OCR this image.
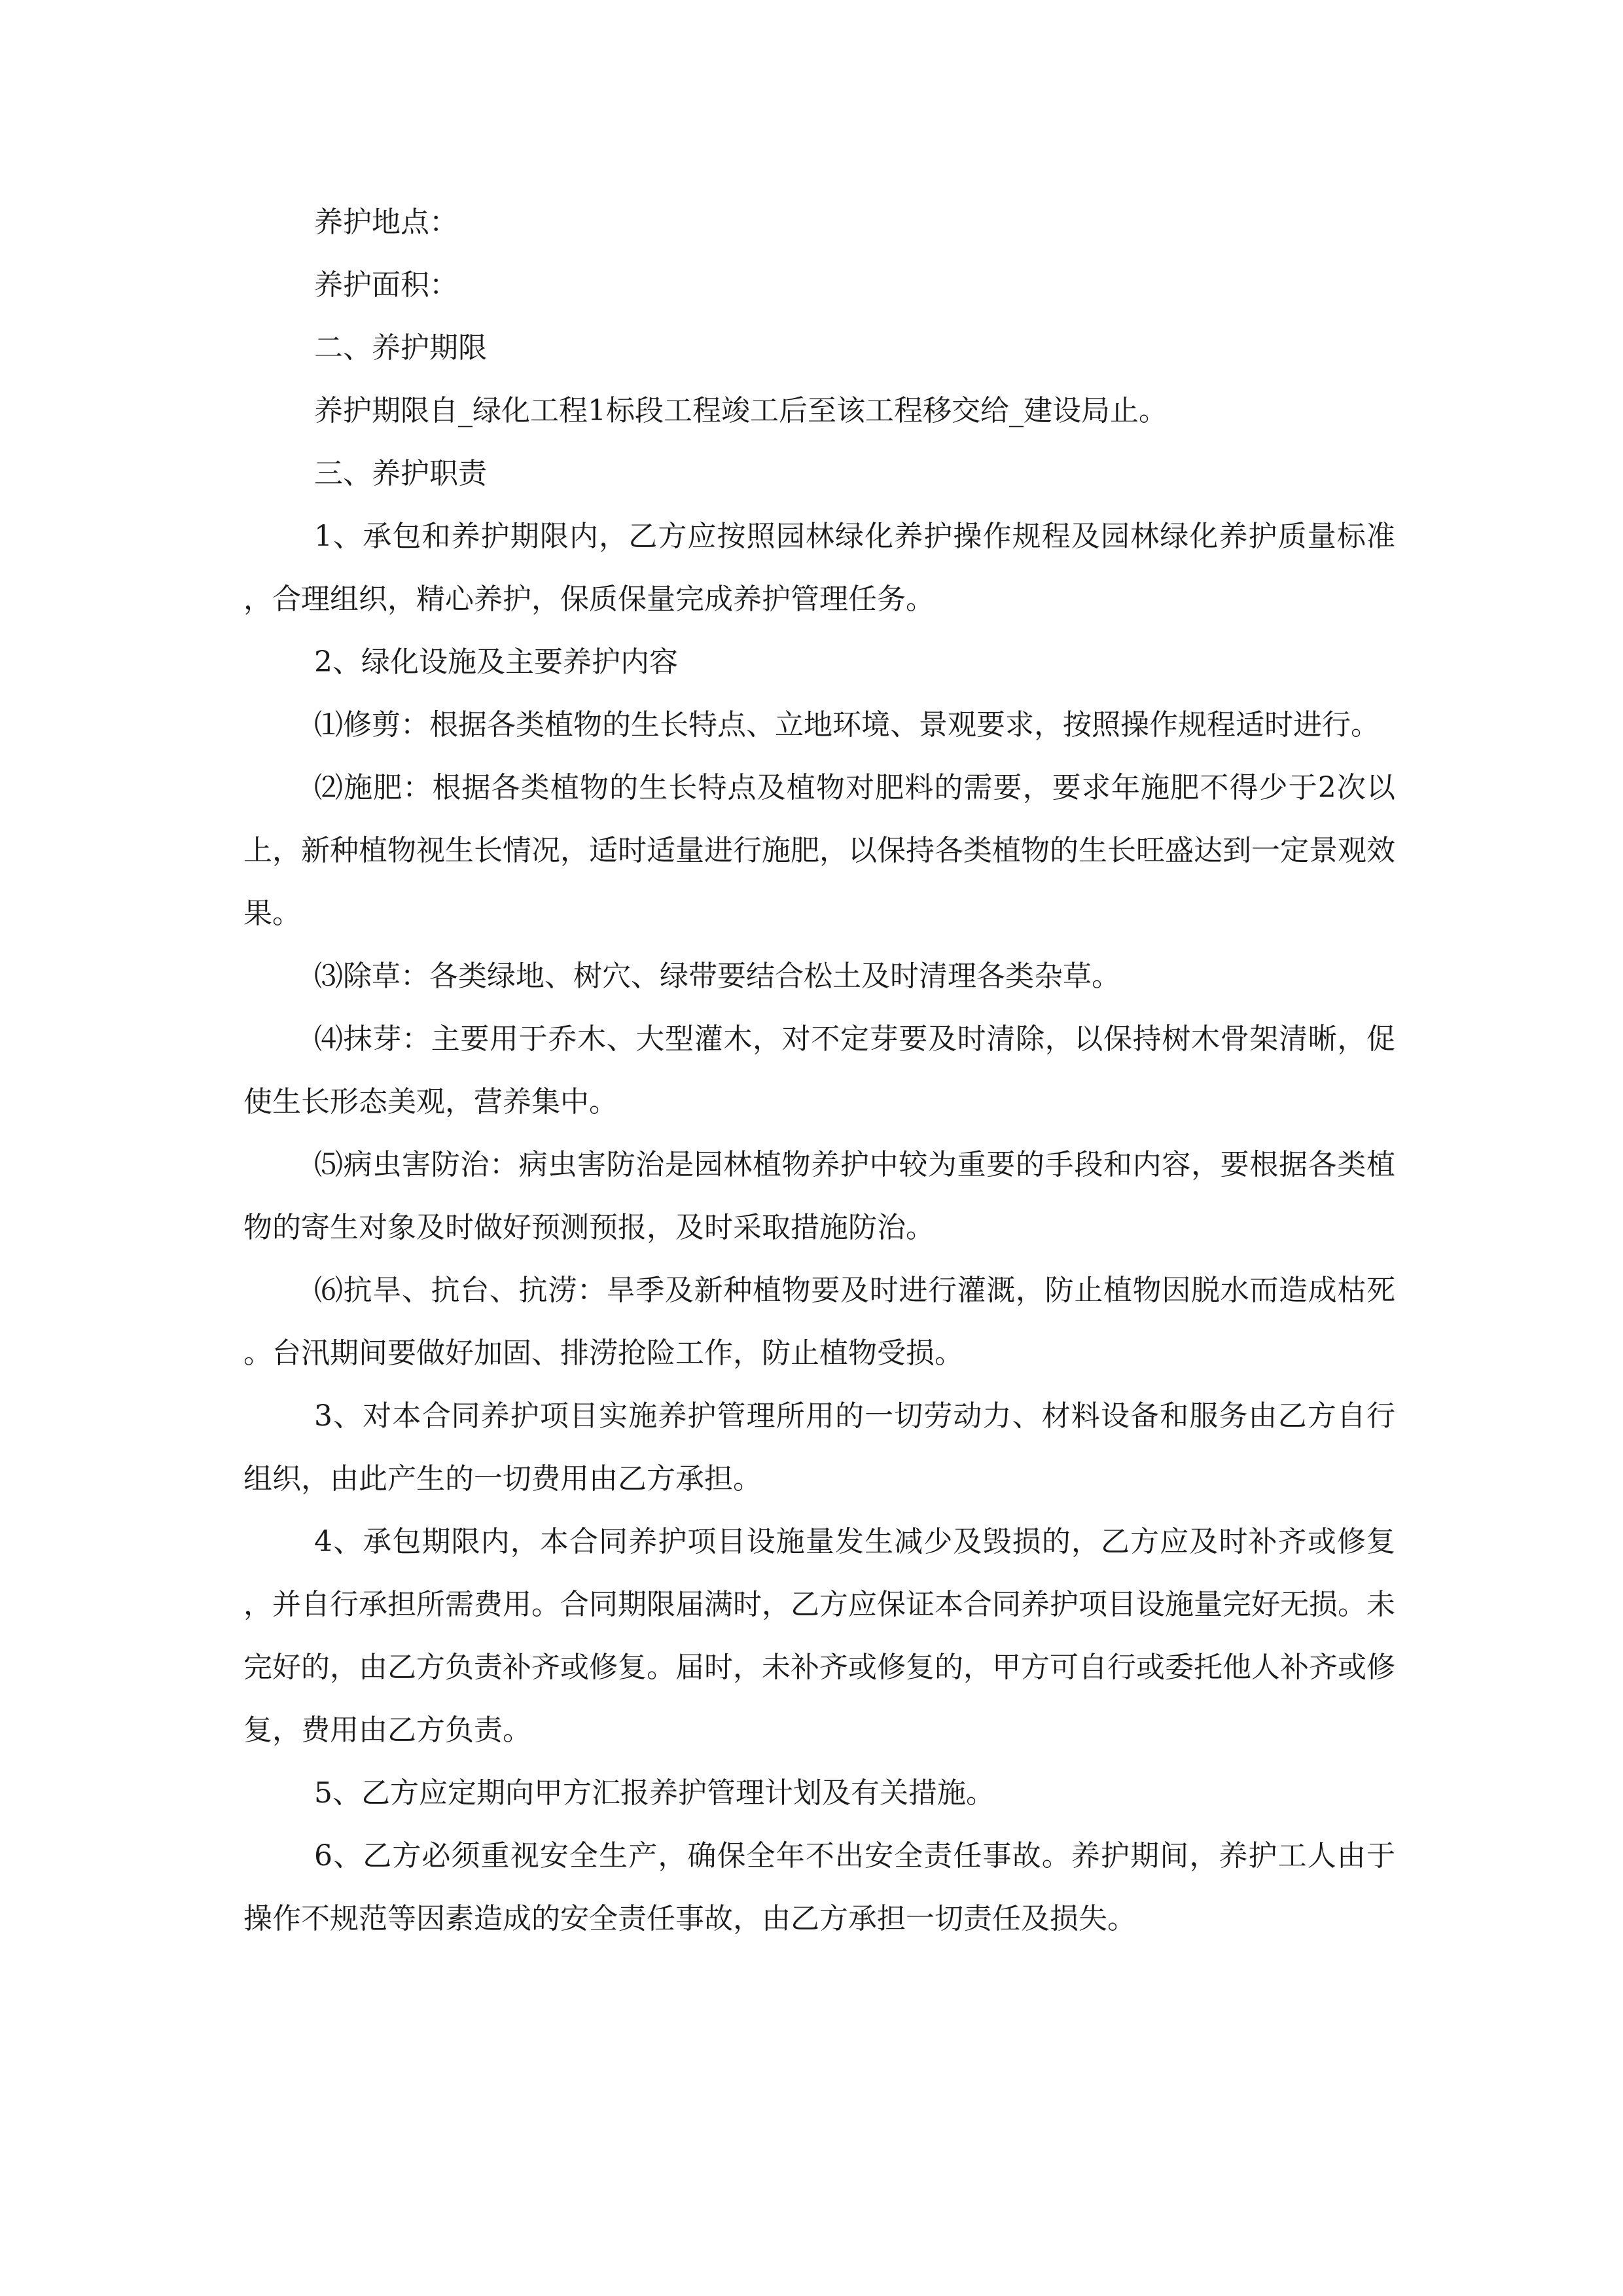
养护地点：

养护面积：

二、养护期限

养护期限自_绿化工程1标段工程竣工后至该工程移交给_建设局止。

三、养护职责

1、承包和养护期限内，乙方应按照园林绿化养护操作规程及园林绿化养护质量标准，合理组织，精心养护，保质保量完成养护管理任务。

2、绿化设施及主要养护内容

⑴修剪：根据各类植物的生长特点、立地环境、景观要求，按照操作规程适时进行。

⑵施肥：根据各类植物的生长特点及植物对肥料的需要，要求年施肥不得少于2次以上，新种植物视生长情况，适时适量进行施肥，以保持各类植物的生长旺盛达到一定景观效果。

⑶除草：各类绿地、树穴、绿带要结合松土及时清理各类杂草。

⑷抹芽：主要用于乔木、大型灌木，对不定芽要及时清除，以保持树木骨架清晰，促使生长形态美观，营养集中。

⑸病虫害防治：病虫害防治是园林植物养护中较为重要的手段和内容，要根据各类植物的寄生对象及时做好预测预报，及时采取措施防治。

⑹抗旱、抗台、抗涝：旱季及新种植物要及时进行灌溉，防止植物因脱水而造成枯死。台汛期间要做好加固、排涝抢险工作，防止植物受损。

3、对本合同养护项目实施养护管理所用的一切劳动力、材料设备和服务由乙方自行组织，由此产生的一切费用由乙方承担。

4、承包期限内，本合同养护项目设施量发生减少及毁损的，乙方应及时补齐或修复，并自行承担所需费用。合同期限届满时，乙方应保证本合同养护项目设施量完好无损。未完好的，由乙方负责补齐或修复。届时，未补齐或修复的，甲方可自行或委托他人补齐或修复，费用由乙方负责。

5、乙方应定期向甲方汇报养护管理计划及有关措施。

6、乙方必须重视安全生产，确保全年不出安全责任事故。养护期间，养护工人由于操作不规范等因素造成的安全责任事故，由乙方承担一切责任及损失。
